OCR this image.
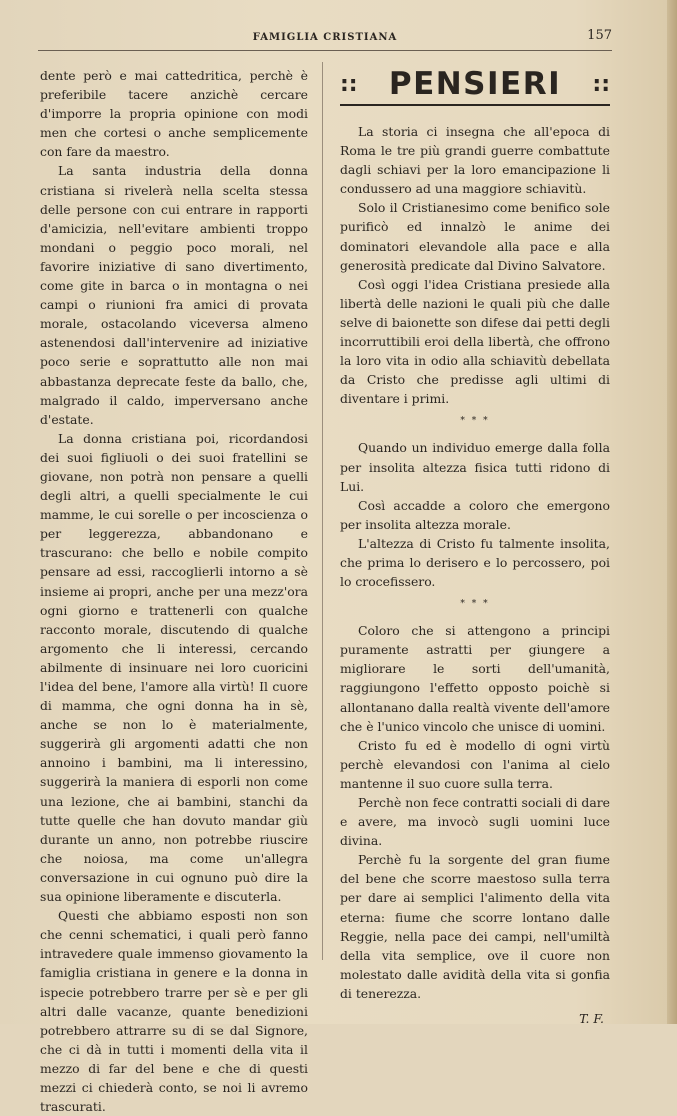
FAMIGLIA CRISTIANA	157

dente però e mai cattedritica, perchè è preferibile tacere anzichè cercare d'imporre la propria opinione con modi men che cortesi o anche semplicemente con fare da maestro.

La santa industria della donna cristiana si rivelerà nella scelta stessa delle persone con cui entrare in rapporti d'amicizia, nell'evitare ambienti troppo mondani o peggio poco morali, nel favorire iniziative di sano divertimento, come gite in barca o in montagna o nei campi o riunioni fra amici di provata morale, ostacolando viceversa almeno astenendosi dall'intervenire ad iniziative poco serie e soprattutto alle non mai abbastanza deprecate feste da ballo, che, malgrado il caldo, imperversano anche d'estate.

La donna cristiana poi, ricordandosi dei suoi figliuoli o dei suoi fratellini se giovane, non potrà non pensare a quelli degli altri, a quelli specialmente le cui mamme, le cui sorelle o per incoscienza o per leggerezza, abbandonano e trascurano: che bello e nobile compito pensare ad essi, raccoglierli intorno a sè insieme ai propri, anche per una mezz'ora ogni giorno e trattenerli con qualche racconto morale, discutendo di qualche argomento che li interessi, cercando abilmente di insinuare nei loro cuoricini l'idea del bene, l'amore alla virtù! Il cuore di mamma, che ogni donna ha in sè, anche se non lo è materialmente, suggerirà gli argomenti adatti che non annoino i bambini, ma li interessino, suggerirà la maniera di esporli non come una lezione, che ai bambini, stanchi da tutte quelle che han dovuto mandar giù durante un anno, non potrebbe riuscire che noiosa, ma come un'allegra conversazione in cui ognuno può dire la sua opinione liberamente e discuterla.

Questi che abbiamo esposti non son che cenni schematici, i quali però fanno intravedere quale immenso giovamento la famiglia cristiana in genere e la donna in ispecie potrebbero trarre per sè e per gli altri dalle vacanze, quante benedizioni potrebbero attrarre su di se dal Signore, che ci dà in tutti i momenti della vita il mezzo di far del bene e che di questi mezzi ci chiederà conto, se noi li avremo trascurati.

::	PENSIERI	::

La storia ci insegna che all'epoca di Roma le tre più grandi guerre combattute dagli schiavi per la loro emancipazione li condussero ad una maggiore schiavitù.

Solo il Cristianesimo come benifico sole purificò ed innalzò le anime dei dominatori elevandole alla pace e alla generosità predicate dal Divino Salvatore.

Così oggi l'idea Cristiana presiede alla libertà delle nazioni le quali più che dalle selve di baionette son difese dai petti degli incorruttibili eroi della libertà, che offrono la loro vita in odio alla schiavitù debellata da Cristo che predisse agli ultimi di diventare i primi.

* * *

Quando un individuo emerge dalla folla per insolita altezza fisica tutti ridono di Lui.

Così accadde a coloro che emergono per insolita altezza morale.

L'altezza di Cristo fu talmente insolita, che prima lo derisero e lo percossero, poi lo crocefissero.

* * *

Coloro che si attengono a principi puramente astratti per giungere a migliorare le sorti dell'umanità, raggiungono l'effetto opposto poichè si allontanano dalla realtà vivente dell'amore che è l'unico vincolo che unisce di uomini.

Cristo fu ed è modello di ogni virtù perchè elevandosi con l'anima al cielo mantenne il suo cuore sulla terra.

Perchè non fece contratti sociali di dare e avere, ma invocò sugli uomini luce divina.

Perchè fu la sorgente del gran fiume del bene che scorre maestoso sulla terra per dare ai semplici l'alimento della vita eterna: fiume che scorre lontano dalle Reggie, nella pace dei campi, nell'umiltà della vita semplice, ove il cuore non molestato dalle avidità della vita si gonfia di tenerezza.

T. F.
